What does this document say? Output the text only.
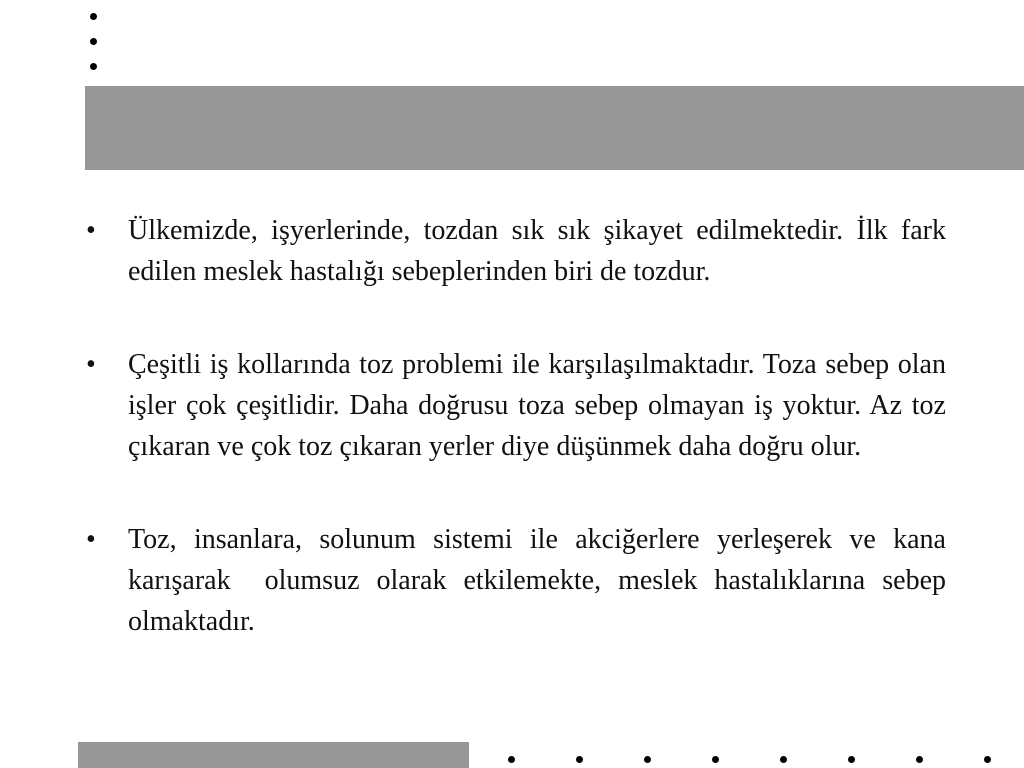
• Ülkemizde, işyerlerinde, tozdan sık sık şikayet edilmektedir. İlk fark edilen meslek hastalığı sebeplerinden biri de tozdur.
• Çeşitli iş kollarında toz problemi ile karşılaşılmaktadır. Toza sebep olan işler çok çeşitlidir. Daha doğrusu toza sebep olmayan iş yoktur. Az toz çıkaran ve çok toz çıkaran yerler diye düşünmek daha doğru olur.
• Toz, insanlara, solunum sistemi ile akciğerlere yerleşerek ve kana karışarak  olumsuz olarak etkilemekte, meslek hastalıklarına sebep olmaktadır.
